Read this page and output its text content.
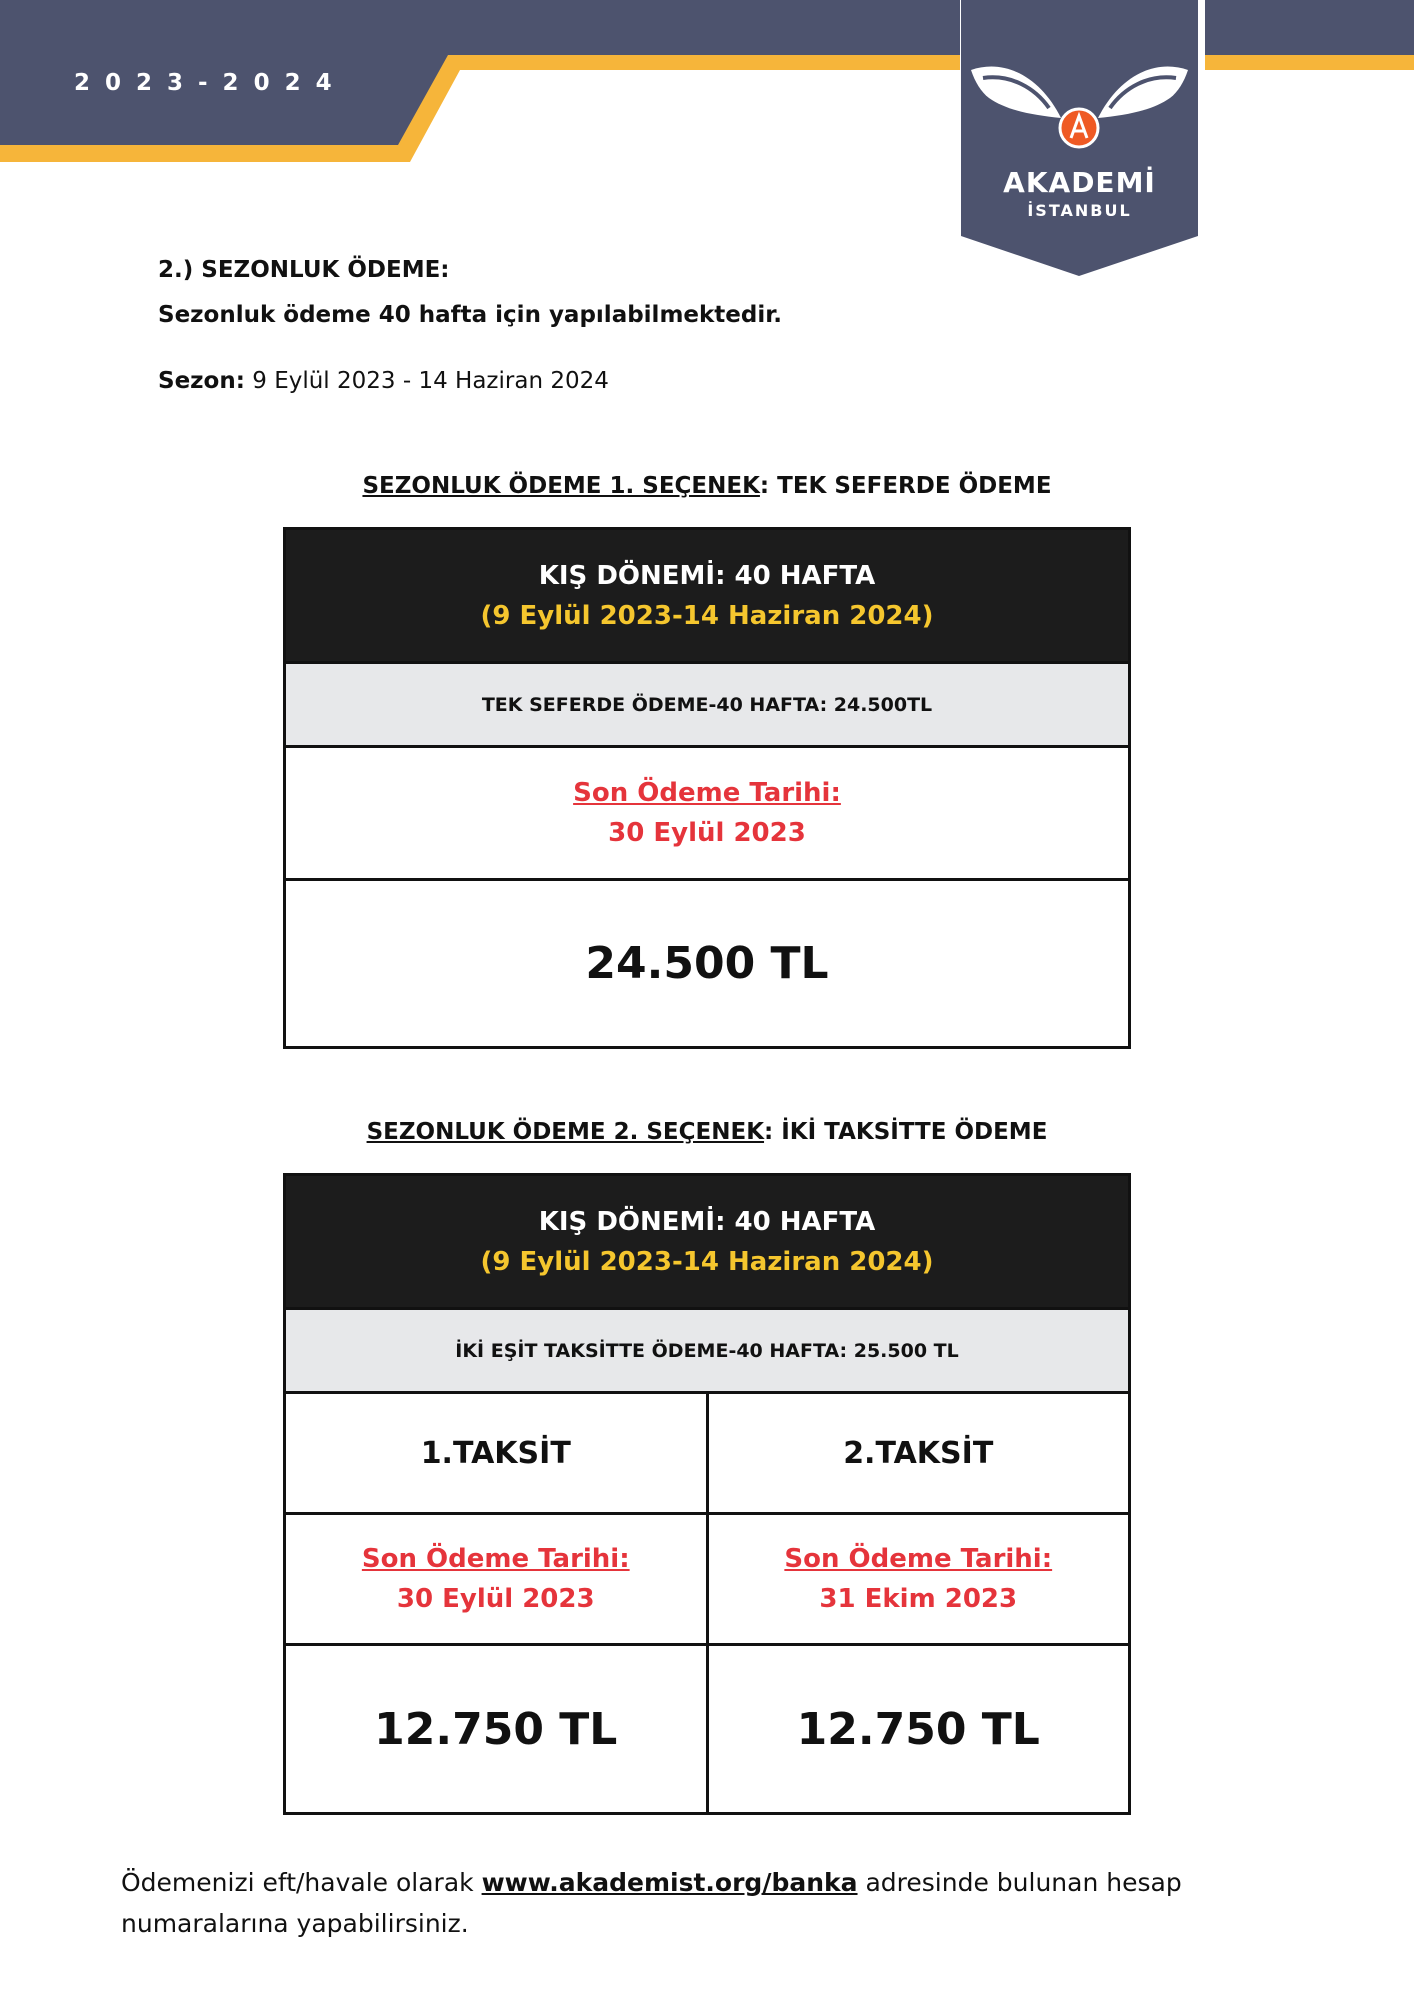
2023-2024
AKADEMİ
İSTANBUL
2.) SEZONLUK ÖDEME:
Sezonluk ödeme 40 hafta için yapılabilmektedir.
Sezon: 9 Eylül 2023 - 14 Haziran 2024
SEZONLUK ÖDEME 1. SEÇENEK: TEK SEFERDE ÖDEME
KIŞ DÖNEMİ: 40 HAFTA
(9 Eylül 2023-14 Haziran 2024)
TEK SEFERDE ÖDEME-40 HAFTA: 24.500TL
Son Ödeme Tarihi:
30 Eylül 2023
24.500 TL
SEZONLUK ÖDEME 2. SEÇENEK: İKİ TAKSİTTE ÖDEME
KIŞ DÖNEMİ: 40 HAFTA
(9 Eylül 2023-14 Haziran 2024)
İKİ EŞİT TAKSİTTE ÖDEME-40 HAFTA: 25.500 TL
1.TAKSİT	2.TAKSİT
Son Ödeme Tarihi:
30 Eylül 2023
Son Ödeme Tarihi:
31 Ekim 2023
12.750 TL	12.750 TL
Ödemenizi eft/havale olarak www.akademist.org/banka adresinde bulunan hesap numaralarına yapabilirsiniz.
